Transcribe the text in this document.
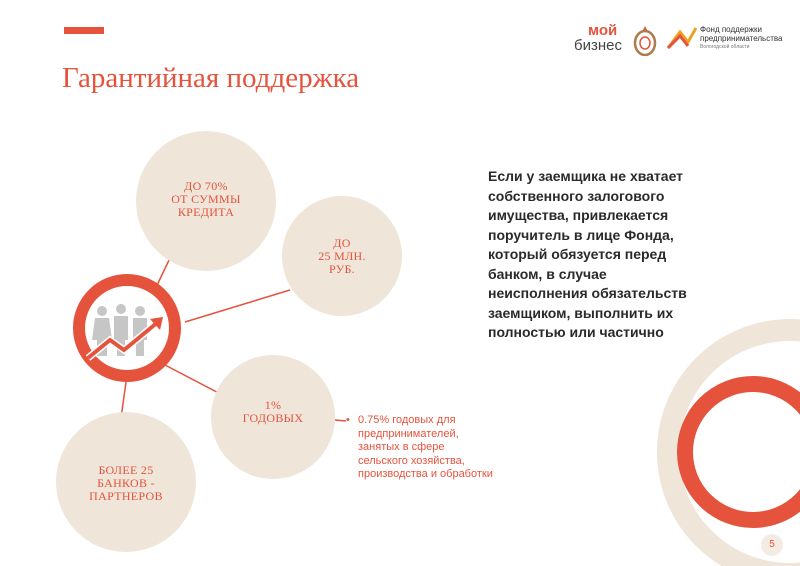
Гарантийная поддержка
мой
бизнес
Фонд поддержки
предпринимательства
Вологодской области
ДО 70%
ОТ СУММЫ
КРЕДИТА
ДО
25 МЛН.
РУБ.
1%
ГОДОВЫХ
БОЛЕЕ 25
БАНКОВ -
ПАРТНЕРОВ
Если у заемщика не хватает
собственного залогового
имущества, привлекается
поручитель в лице Фонда,
который обязуется перед
банком, в случае
неисполнения обязательств
заемщиком, выполнить их
полностью или частично
• 0.75% годовых для
предпринимателей,
занятых в сфере
сельского хозяйства,
производства и обработки
5
